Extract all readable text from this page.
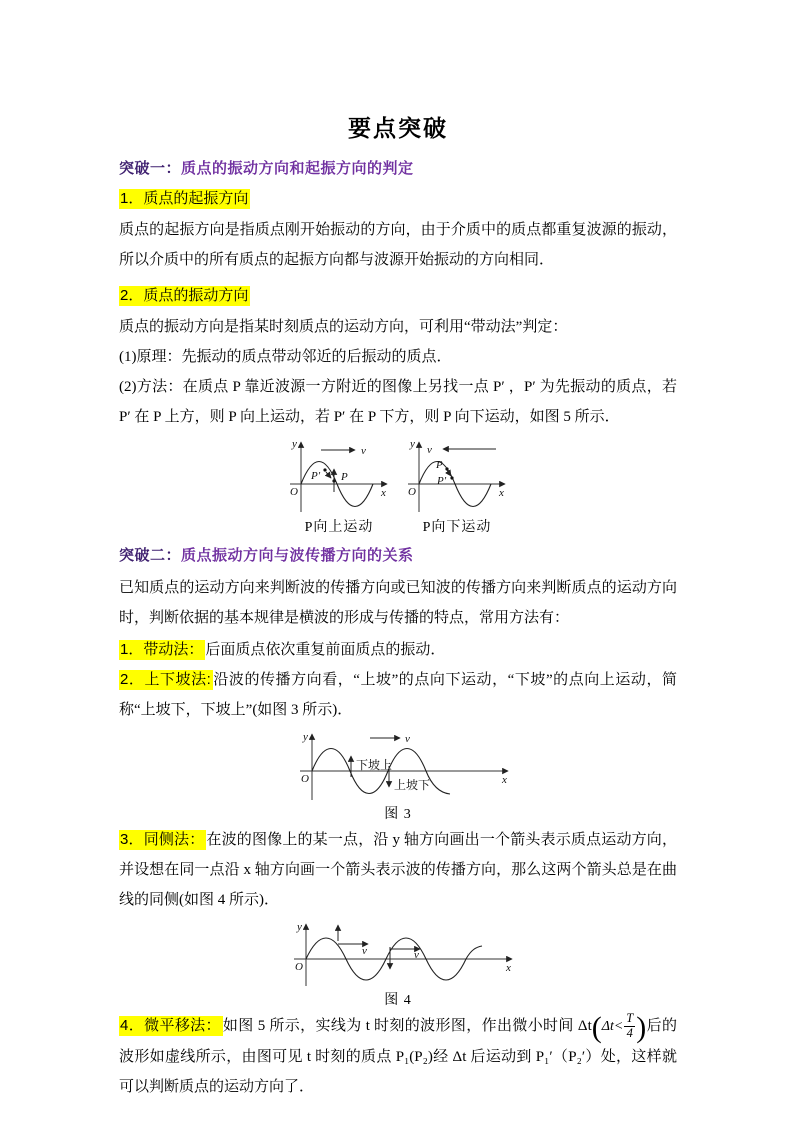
要点突破
突破一：质点的振动方向和起振方向的判定
1．质点的起振方向

质点的起振方向是指质点刚开始振动的方向，由于介质中的质点都重复波源的振动，所以介质中的所有质点的起振方向都与波源开始振动的方向相同．

2．质点的振动方向

质点的振动方向是指某时刻质点的运动方向，可利用“带动法”判定：

(1)原理：先振动的质点带动邻近的后振动的质点．

(2)方法：在质点 P 靠近波源一方附近的图像上另找一点 P′ ，P′ 为先振动的质点，若 P′ 在 P 上方，则 P 向上运动，若 P′ 在 P 下方，则 P 向下运动，如图 5 所示．

y
x
O
v
P′ P
P向上运动
y
x
O
v
P
P′
P向下运动
突破二：质点振动方向与波传播方向的关系

已知质点的运动方向来判断波的传播方向或已知波的传播方向来判断质点的运动方向时，判断依据的基本规律是横波的形成与传播的特点，常用方法有：

1．带动法： 后面质点依次重复前面质点的振动．

2．上下坡法: 沿波的传播方向看，“上坡”的点向下运动，“下坡”的点向上运动，简称“上坡下，下坡上”(如图 3 所示)．

y
x
O
v
下坡上
上坡下
图 3

3．同侧法： 在波的图像上的某一点，沿 y 轴方向画出一个箭头表示质点运动方向，并设想在同一点沿 x 轴方向画一个箭头表示波的传播方向，那么这两个箭头总是在曲线的同侧(如图 4 所示)．

y
x
O
v	v
图 4

4．微平移法： 如图 5 所示，实线为 t 时刻的波形图，作出微小时间 $\Delta t(\Delta t< \frac{T}{4}$ )后的波形如虚线所示，由图可见 t 时刻的质点 P₁(P₂)经 Δt 后运动到 P₁′（P₂′）处，这样就可以判断质点的运动方向了．
